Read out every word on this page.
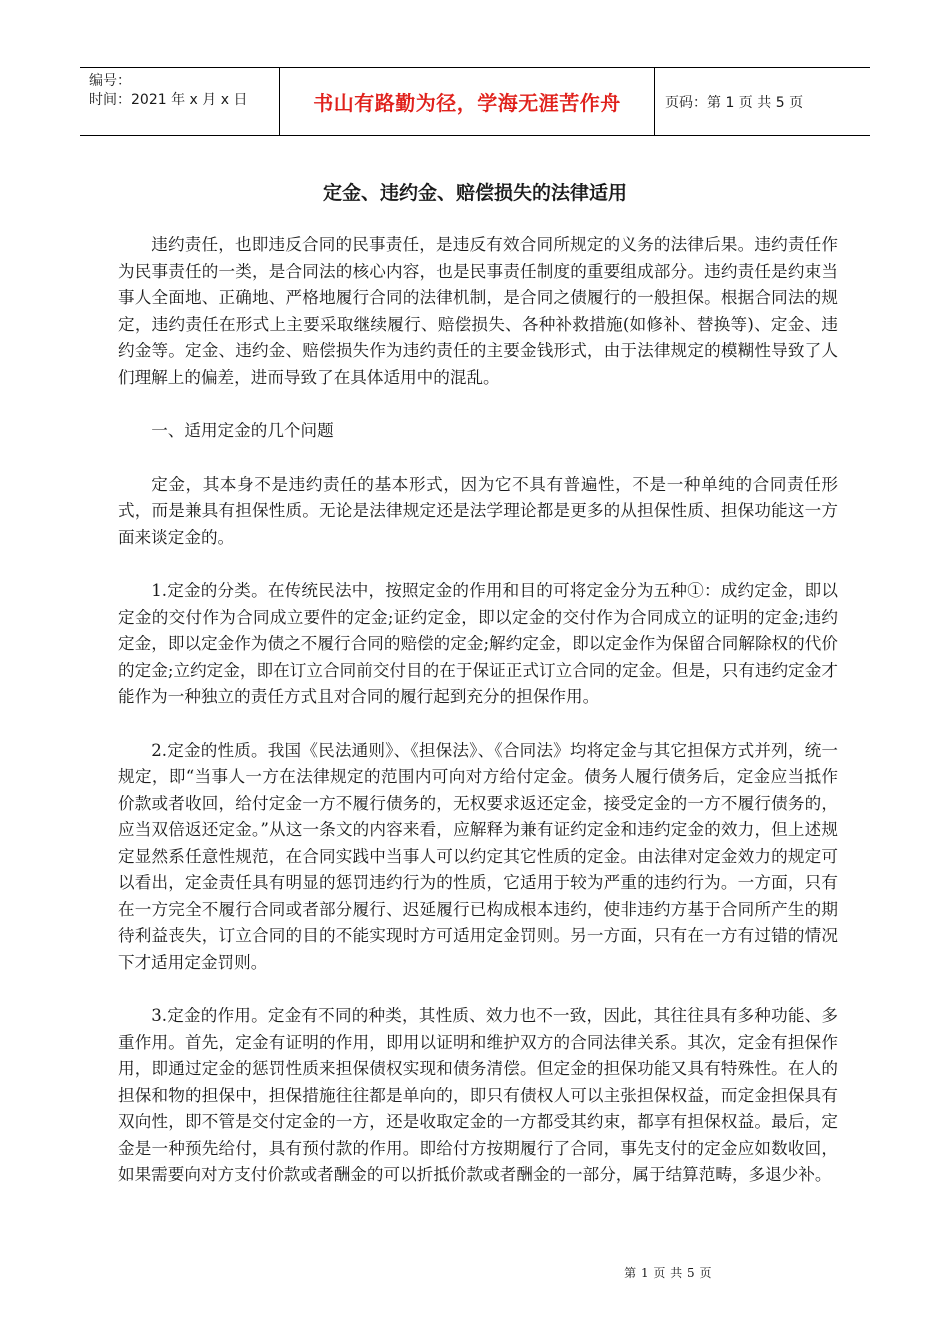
编号：
时间：2021 年 x 月 x 日	书山有路勤为径，学海无涯苦作舟	页码：第 1 页 共 5 页
定金、违约金、赔偿损失的法律适用

违约责任，也即违反合同的民事责任，是违反有效合同所规定的义务的法律后果。违约责任作为民事责任的一类，是合同法的核心内容，也是民事责任制度的重要组成部分。违约责任是约束当事人全面地、正确地、严格地履行合同的法律机制，是合同之债履行的一般担保。根据合同法的规定，违约责任在形式上主要采取继续履行、赔偿损失、各种补救措施(如修补、替换等)、定金、违约金等。定金、违约金、赔偿损失作为违约责任的主要金钱形式，由于法律规定的模糊性导致了人们理解上的偏差，进而导致了在具体适用中的混乱。

一、适用定金的几个问题

定金，其本身不是违约责任的基本形式，因为它不具有普遍性，不是一种单纯的合同责任形式，而是兼具有担保性质。无论是法律规定还是法学理论都是更多的从担保性质、担保功能这一方面来谈定金的。

1.定金的分类。在传统民法中，按照定金的作用和目的可将定金分为五种①：成约定金，即以定金的交付作为合同成立要件的定金;证约定金，即以定金的交付作为合同成立的证明的定金;违约定金，即以定金作为债之不履行合同的赔偿的定金;解约定金，即以定金作为保留合同解除权的代价的定金;立约定金，即在订立合同前交付目的在于保证正式订立合同的定金。但是，只有违约定金才能作为一种独立的责任方式且对合同的履行起到充分的担保作用。

2.定金的性质。我国《民法通则》、《担保法》、《合同法》均将定金与其它担保方式并列，统一规定，即“当事人一方在法律规定的范围内可向对方给付定金。债务人履行债务后，定金应当抵作价款或者收回，给付定金一方不履行债务的，无权要求返还定金，接受定金的一方不履行债务的，应当双倍返还定金。”从这一条文的内容来看，应解释为兼有证约定金和违约定金的效力，但上述规定显然系任意性规范，在合同实践中当事人可以约定其它性质的定金。由法律对定金效力的规定可以看出，定金责任具有明显的惩罚违约行为的性质，它适用于较为严重的违约行为。一方面，只有在一方完全不履行合同或者部分履行、迟延履行已构成根本违约，使非违约方基于合同所产生的期待利益丧失，订立合同的目的不能实现时方可适用定金罚则。另一方面，只有在一方有过错的情况下才适用定金罚则。

3.定金的作用。定金有不同的种类，其性质、效力也不一致，因此，其往往具有多种功能、多重作用。首先，定金有证明的作用，即用以证明和维护双方的合同法律关系。其次，定金有担保作用，即通过定金的惩罚性质来担保债权实现和债务清偿。但定金的担保功能又具有特殊性。在人的担保和物的担保中，担保措施往往都是单向的，即只有债权人可以主张担保权益，而定金担保具有双向性，即不管是交付定金的一方，还是收取定金的一方都受其约束，都享有担保权益。最后，定金是一种预先给付，具有预付款的作用。即给付方按期履行了合同，事先支付的定金应如数收回，如果需要向对方支付价款或者酬金的可以折抵价款或者酬金的一部分，属于结算范畴，多退少补。

第 1 页 共 5 页
